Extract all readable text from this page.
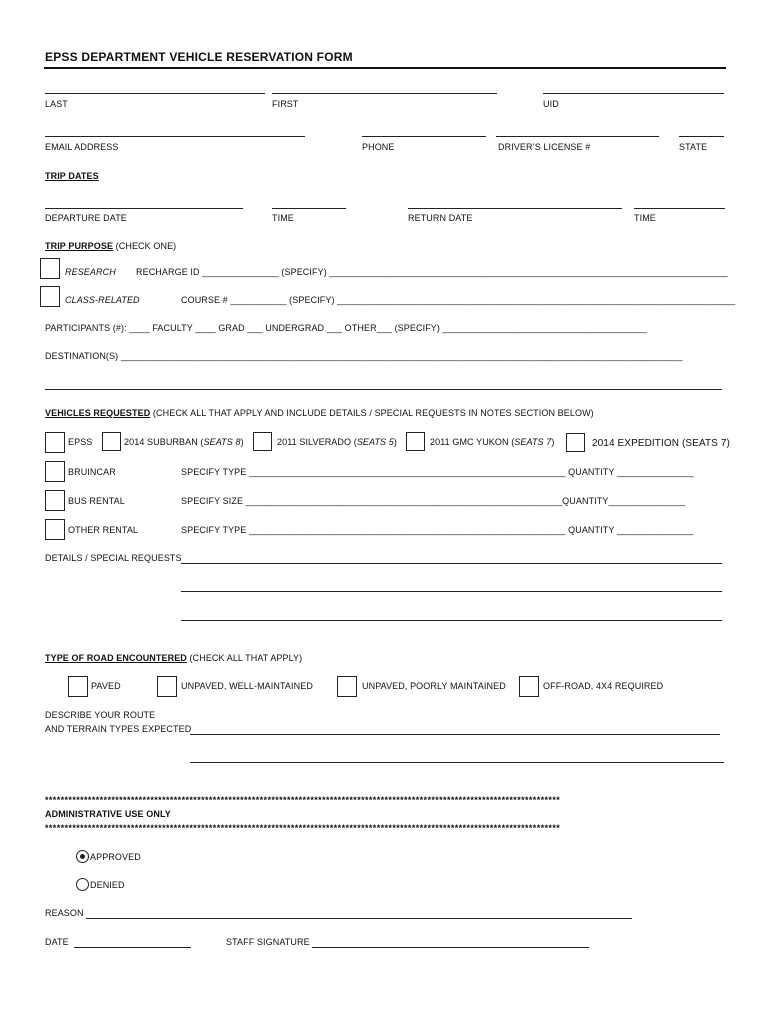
EPSS DEPARTMENT VEHICLE RESERVATION FORM
LAST	FIRST	UID
EMAIL ADDRESS	PHONE	DRIVER’S LICENSE #	STATE
TRIP DATES
DEPARTURE DATE	TIME	RETURN DATE	TIME
TRIP PURPOSE (CHECK ONE)
RESEARCH RECHARGE ID _______________ (SPECIFY) ______________________________________________________________________________
CLASS-RELATED	COURSE # ___________ (SPECIFY) ______________________________________________________________________________
PARTICIPANTS (#): ____ FACULTY ____ GRAD ___ UNDERGRAD ___ OTHER___ (SPECIFY) ________________________________________
DESTINATION(S) ______________________________________________________________________________________________________________
VEHICLES REQUESTED (CHECK ALL THAT APPLY AND INCLUDE DETAILS / SPECIAL REQUESTS IN NOTES SECTION BELOW)
EPSS	2014 SUBURBAN (SEATS 8)	2011 SILVERADO (SEATS 5)	2011 GMC YUKON (SEATS 7)	2014 EXPEDITION (SEATS 7)
BRUINCAR	SPECIFY TYPE ______________________________________________________________ QUANTITY _______________
BUS RENTAL	SPECIFY SIZE ______________________________________________________________QUANTITY_______________
OTHER RENTAL	SPECIFY TYPE ______________________________________________________________ QUANTITY _______________
DETAILS / SPECIAL REQUESTS
TYPE OF ROAD ENCOUNTERED (CHECK ALL THAT APPLY)
PAVED	UNPAVED, WELL-MAINTAINED	UNPAVED, POORLY MAINTAINED	OFF-ROAD, 4X4 REQUIRED
DESCRIBE YOUR ROUTE
AND TERRAIN TYPES EXPECTED
************************************************************************************************************************************
ADMINISTRATIVE USE ONLY
************************************************************************************************************************************
APPROVED
DENIED
REASON
DATE	STAFF SIGNATURE
